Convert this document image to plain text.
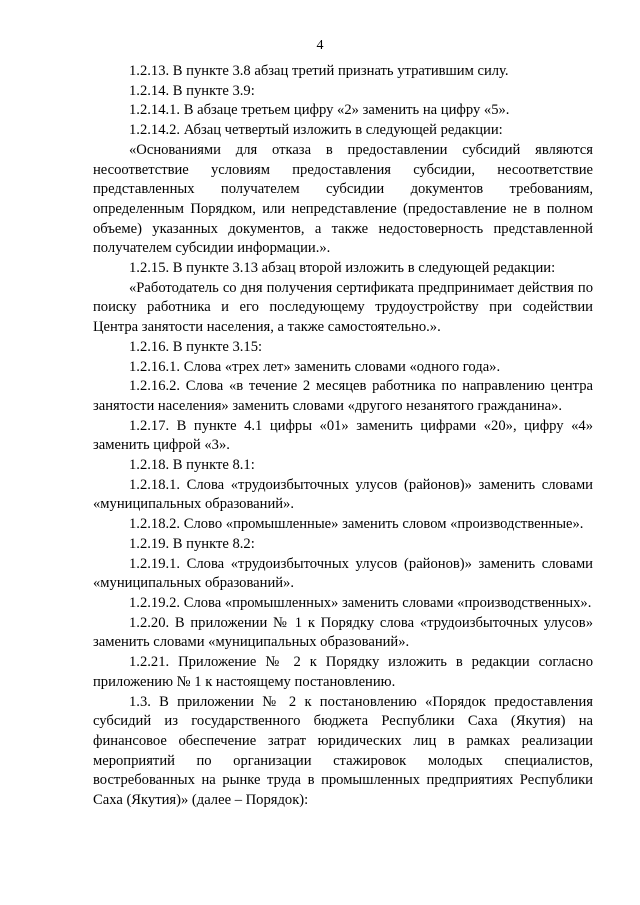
4

1.2.13. В пункте 3.8 абзац третий признать утратившим силу.

1.2.14. В пункте 3.9:

1.2.14.1. В абзаце третьем цифру «2» заменить на цифру «5».

1.2.14.2. Абзац четвертый изложить в следующей редакции:

«Основаниями для отказа в предоставлении субсидий являются несоответствие условиям предоставления субсидии, несоответствие представленных получателем субсидии документов требованиям, определенным Порядком, или непредставление (предоставление не в полном объеме) указанных документов, а также недостоверность представленной получателем субсидии информации.».

1.2.15. В пункте 3.13 абзац второй изложить в следующей редакции:

«Работодатель со дня получения сертификата предпринимает действия по поиску работника и его последующему трудоустройству при содействии Центра занятости населения, а также самостоятельно.».

1.2.16. В пункте 3.15:

1.2.16.1. Слова «трех лет» заменить словами «одного года».

1.2.16.2. Слова «в течение 2 месяцев работника по направлению центра занятости населения» заменить словами «другого незанятого гражданина».

1.2.17. В пункте 4.1 цифры «01» заменить цифрами «20», цифру «4» заменить цифрой «3».

1.2.18. В пункте 8.1:

1.2.18.1. Слова «трудоизбыточных улусов (районов)» заменить словами «муниципальных образований».

1.2.18.2. Слово «промышленные» заменить словом «производственные».

1.2.19. В пункте 8.2:

1.2.19.1. Слова «трудоизбыточных улусов (районов)» заменить словами «муниципальных образований».

1.2.19.2. Слова «промышленных» заменить словами «производственных».

1.2.20. В приложении № 1 к Порядку слова «трудоизбыточных улусов» заменить словами «муниципальных образований».

1.2.21. Приложение № 2 к Порядку изложить в редакции согласно приложению № 1 к настоящему постановлению.

1.3. В приложении № 2 к постановлению «Порядок предоставления субсидий из государственного бюджета Республики Саха (Якутия) на финансовое обеспечение затрат юридических лиц в рамках реализации мероприятий по организации стажировок молодых специалистов, востребованных на рынке труда в промышленных предприятиях Республики Саха (Якутия)» (далее – Порядок):
